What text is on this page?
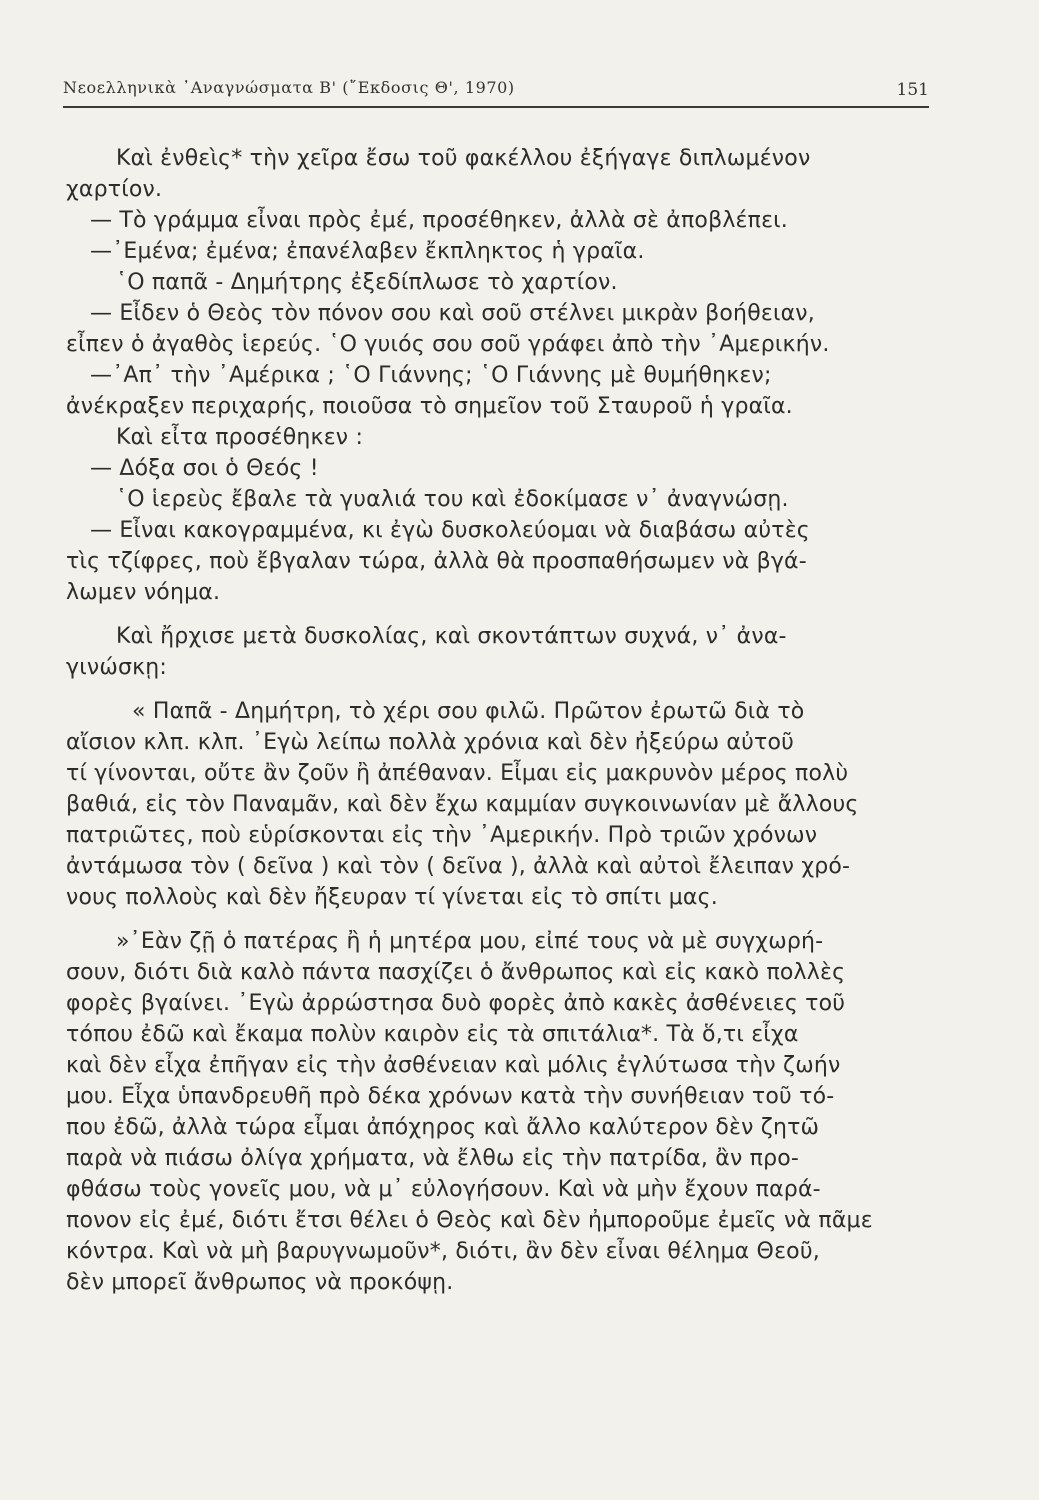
Νεοελληνικὰ ᾿Αναγνώσματα Β' (῎Εκδοσις Θ', 1970)	151
Καὶ ἐνθεὶς* τὴν χεῖρα ἔσω τοῦ φακέλλου ἐξήγαγε διπλωμένον
χαρτίον.
— Τὸ γράμμα εἶναι πρὸς ἐμέ, προσέθηκεν, ἀλλὰ σὲ ἀποβλέπει.
—᾿Εμένα; ἐμένα; ἐπανέλαβεν ἔκπληκτος ἡ γραῖα.
῾Ο παπᾶ - Δημήτρης ἐξεδίπλωσε τὸ χαρτίον.
— Εἶδεν ὁ Θεὸς τὸν πόνον σου καὶ σοῦ στέλνει μικρὰν βοήθειαν,
εἶπεν ὁ ἀγαθὸς ἱερεύς. ῾Ο γυιός σου σοῦ γράφει ἀπὸ τὴν ᾿Αμερικήν.
—᾿Απ᾿ τὴν ᾿Αμέρικα ; ῾Ο Γιάννης; ῾Ο Γιάννης μὲ θυμήθηκεν;
ἀνέκραξεν περιχαρής, ποιοῦσα τὸ σημεῖον τοῦ Σταυροῦ ἡ γραῖα.
Καὶ εἶτα προσέθηκεν :
— Δόξα σοι ὁ Θεός !
῾Ο ἱερεὺς ἔβαλε τὰ γυαλιά του καὶ ἐδοκίμασε ν᾿ ἀναγνώσῃ.
— Εἶναι κακογραμμένα, κι ἐγὼ δυσκολεύομαι νὰ διαβάσω αὐτὲς
τὶς τζίφρες, ποὺ ἔβγαλαν τώρα, ἀλλὰ θὰ προσπαθήσωμεν νὰ βγά-
λωμεν νόημα.
Καὶ ἤρχισε μετὰ δυσκολίας, καὶ σκοντάπτων συχνά, ν᾿ ἀνα-
γινώσκῃ:
« Παπᾶ - Δημήτρη, τὸ χέρι σου φιλῶ. Πρῶτον ἐρωτῶ διὰ τὸ
αἴσιον κλπ. κλπ. ᾿Εγὼ λείπω πολλὰ χρόνια καὶ δὲν ἠξεύρω αὐτοῦ
τί γίνονται, οὔτε ἂν ζοῦν ἢ ἀπέθαναν. Εἶμαι εἰς μακρυνὸν μέρος πολὺ
βαθιά, εἰς τὸν Παναμᾶν, καὶ δὲν ἔχω καμμίαν συγκοινωνίαν μὲ ἄλλους
πατριῶτες, ποὺ εὑρίσκονται εἰς τὴν ᾿Αμερικήν. Πρὸ τριῶν χρόνων
ἀντάμωσα τὸν ( δεῖνα ) καὶ τὸν ( δεῖνα ), ἀλλὰ καὶ αὐτοὶ ἔλειπαν χρό-
νους πολλοὺς καὶ δὲν ἤξευραν τί γίνεται εἰς τὸ σπίτι μας.
»᾿Εὰν ζῇ ὁ πατέρας ἢ ἡ μητέρα μου, εἰπέ τους νὰ μὲ συγχωρή-
σουν, διότι διὰ καλὸ πάντα πασχίζει ὁ ἄνθρωπος καὶ εἰς κακὸ πολλὲς
φορὲς βγαίνει. ᾿Εγὼ ἀρρώστησα δυὸ φορὲς ἀπὸ κακὲς ἀσθένειες τοῦ
τόπου ἐδῶ καὶ ἔκαμα πολὺν καιρὸν εἰς τὰ σπιτάλια*. Τὰ ὅ,τι εἶχα
καὶ δὲν εἶχα ἐπῆγαν εἰς τὴν ἀσθένειαν καὶ μόλις ἐγλύτωσα τὴν ζωήν
μου. Εἶχα ὑπανδρευθῆ πρὸ δέκα χρόνων κατὰ τὴν συνήθειαν τοῦ τό-
που ἐδῶ, ἀλλὰ τώρα εἶμαι ἀπόχηρος καὶ ἄλλο καλύτερον δὲν ζητῶ
παρὰ νὰ πιάσω ὀλίγα χρήματα, νὰ ἔλθω εἰς τὴν πατρίδα, ἂν προ-
φθάσω τοὺς γονεῖς μου, νὰ μ᾿ εὐλογήσουν. Καὶ νὰ μὴν ἔχουν παρά-
πονον εἰς ἐμέ, διότι ἔτσι θέλει ὁ Θεὸς καὶ δὲν ἠμποροῦμε ἐμεῖς νὰ πᾶμε
κόντρα. Καὶ νὰ μὴ βαρυγνωμοῦν*, διότι, ἂν δὲν εἶναι θέλημα Θεοῦ,
δὲν μπορεῖ ἄνθρωπος νὰ προκόψῃ.
